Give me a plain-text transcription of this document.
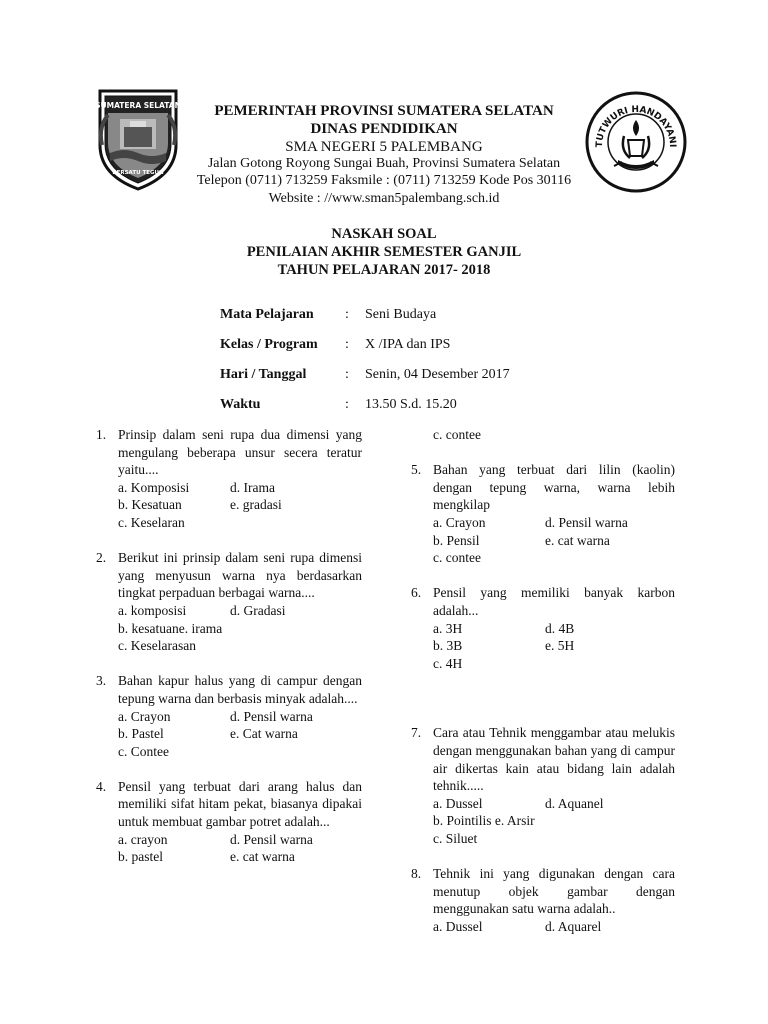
SUMATERA SELATAN
BERSATU TEGUH
TUTWURI HANDAYANI
PEMERINTAH PROVINSI SUMATERA SELATAN
DINAS PENDIDIKAN
SMA NEGERI 5 PALEMBANG
Jalan Gotong Royong Sungai Buah, Provinsi Sumatera Selatan
Telepon (0711) 713259 Faksmile : (0711) 713259 Kode Pos 30116
Website : //www.sman5palembang.sch.id
NASKAH SOAL
PENILAIAN AKHIR SEMESTER GANJIL
TAHUN PELAJARAN 2017- 2018
Mata Pelajaran : Seni Budaya
Kelas / Program : X /IPA dan IPS
Hari / Tanggal	: Senin, 04 Desember 2017
Waktu	: 13.50 S.d. 15.20
1. Prinsip dalam seni rupa dua dimensi yang mengulang beberapa unsur secera teratur yaitu....
a. Komposisi	d. Irama
b. Kesatuan	e. gradasi
c. Keselaran
2. Berikut ini prinsip dalam seni rupa dimensi yang menyusun warna nya berdasarkan tingkat perpaduan berbagai warna....
a. komposisi	d. Gradasi
b. kesatuane. irama
c. Keselarasan
3. Bahan kapur halus yang di campur dengan tepung warna dan berbasis minyak adalah....
a. Crayon	d. Pensil warna
b. Pastel	e. Cat warna
c. Contee
4. Pensil yang terbuat dari arang halus dan memiliki sifat hitam pekat, biasanya dipakai untuk membuat gambar potret adalah...
a. crayon	d. Pensil warna
b. pastel	e. cat warna
c. contee
5. Bahan yang terbuat dari lilin (kaolin) dengan tepung warna, warna lebih mengkilap
a. Crayon	d. Pensil warna
b. Pensil	e. cat warna
c. contee
6. Pensil yang memiliki banyak karbon adalah...
a. 3H	d. 4B
b. 3B	e. 5H
c. 4H
7. Cara atau Tehnik menggambar atau melukis dengan menggunakan bahan yang di campur air dikertas kain atau bidang lain adalah tehnik.....
a. Dussel	d. Aquanel
b. Pointilis e. Arsir
c. Siluet
8. Tehnik ini yang digunakan dengan cara menutup objek gambar dengan menggunakan satu warna adalah..
a. Dussel	d. Aquarel
